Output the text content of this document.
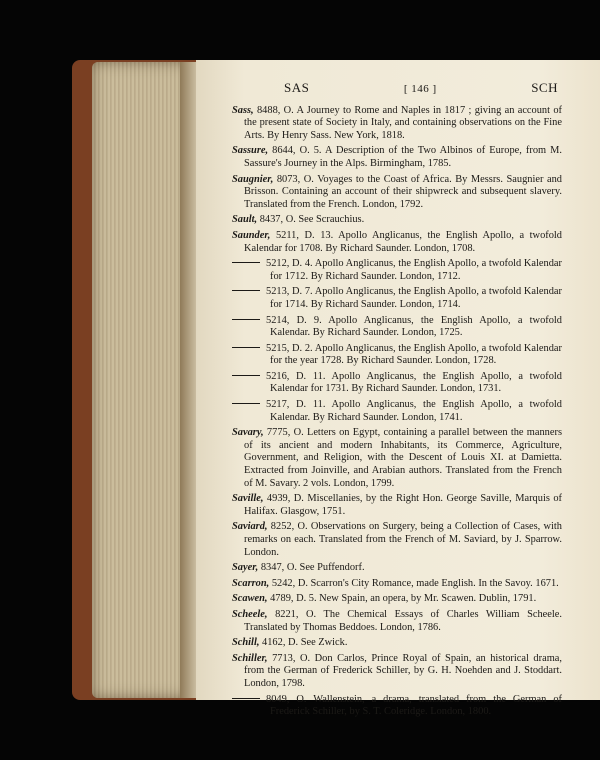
SAS	[ 146 ]	SCH
Sass, 8488, O. A Journey to Rome and Naples in 1817 ; giving an account of the present state of Society in Italy, and containing observations on the Fine Arts. By Henry Sass. New York, 1818.
Sassure, 8644, O. 5. A Description of the Two Albinos of Europe, from M. Sassure's Journey in the Alps. Birmingham, 1785.
Saugnier, 8073, O. Voyages to the Coast of Africa. By Messrs. Saugnier and Brisson. Containing an account of their shipwreck and subsequent slavery. Translated from the French. London, 1792.
Sault, 8437, O. See Scrauchius.
Saunder, 5211, D. 13. Apollo Anglicanus, the English Apollo, a twofold Kalendar for 1708. By Richard Saunder. London, 1708.
5212, D. 4. Apollo Anglicanus, the English Apollo, a twofold Kalendar for 1712. By Richard Saunder. London, 1712.
5213, D. 7. Apollo Anglicanus, the English Apollo, a twofold Kalendar for 1714. By Richard Saunder. London, 1714.
5214, D. 9. Apollo Anglicanus, the English Apollo, a twofold Kalendar. By Richard Saunder. London, 1725.
5215, D. 2. Apollo Anglicanus, the English Apollo, a twofold Kalendar for the year 1728. By Richard Saunder. London, 1728.
5216, D. 11. Apollo Anglicanus, the English Apollo, a twofold Kalendar for 1731. By Richard Saunder. London, 1731.
5217, D. 11. Apollo Anglicanus, the English Apollo, a twofold Kalendar. By Richard Saunder. London, 1741.
Savary, 7775, O. Letters on Egypt, containing a parallel between the manners of its ancient and modern Inhabitants, its Commerce, Agriculture, Government, and Religion, with the Descent of Louis XI. at Damietta. Extracted from Joinville, and Arabian authors. Translated from the French of M. Savary. 2 vols. London, 1799.
Saville, 4939, D. Miscellanies, by the Right Hon. George Saville, Marquis of Halifax. Glasgow, 1751.
Saviard, 8252, O. Observations on Surgery, being a Collection of Cases, with remarks on each. Translated from the French of M. Saviard, by J. Sparrow. London.
Sayer, 8347, O. See Puffendorf.
Scarron, 5242, D. Scarron's City Romance, made English. In the Savoy. 1671.
Scawen, 4789, D. 5. New Spain, an opera, by Mr. Scawen. Dublin, 1791.
Scheele, 8221, O. The Chemical Essays of Charles William Scheele. Translated by Thomas Beddoes. London, 1786.
Schill, 4162, D. See Zwick.
Schiller, 7713, O. Don Carlos, Prince Royal of Spain, an historical drama, from the German of Frederick Schiller, by G. H. Noehden and J. Stoddart. London, 1798.
8049, O. Wallenstein, a drama, translated from the German of Frederick Schiller, by S. T. Coleridge. London, 1800.
